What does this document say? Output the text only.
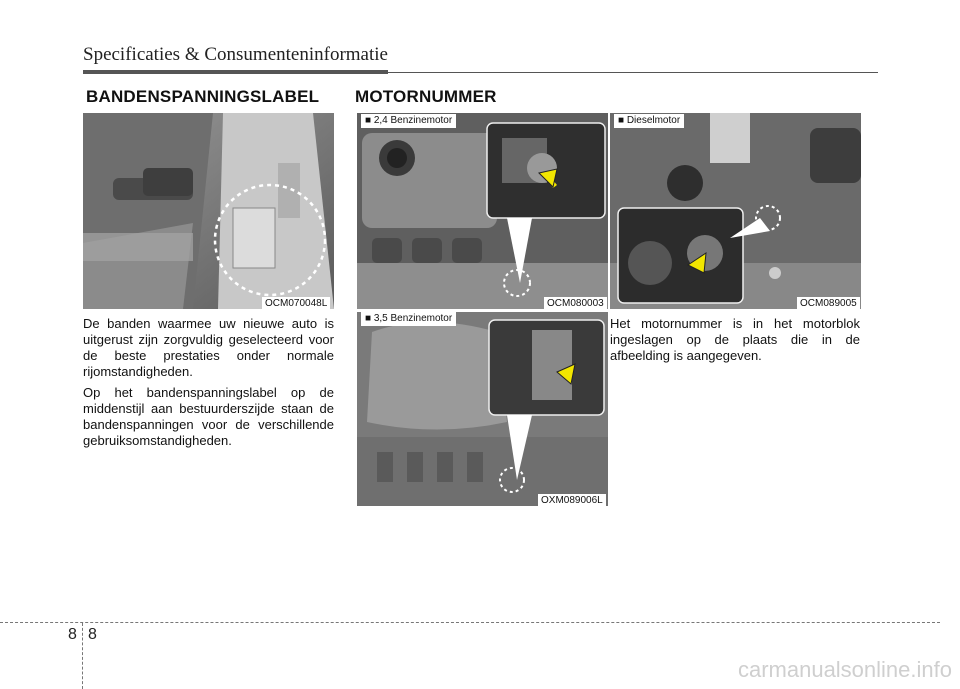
Specificaties & Consumenteninformatie
BANDENSPANNINGSLABEL
OCM070048L

De banden waarmee uw nieuwe auto is uitgerust zijn zorgvuldig geselecteerd voor de beste prestaties onder normale rijomstandigheden.

Op het bandenspanningslabel op de middenstijl aan bestuurderszijde staan de bandenspanningen voor de verschillende gebruiksomstandigheden.

MOTORNUMMER
■ 2,4 Benzinemotor
OCM080003
■ Dieselmotor
OCM089005
■ 3,5 Benzinemotor
OXM089006L

Het motornummer is in het motorblok ingeslagen op de plaats die in de afbeelding is aangegeven.

8 8
carmanualsonline.info
